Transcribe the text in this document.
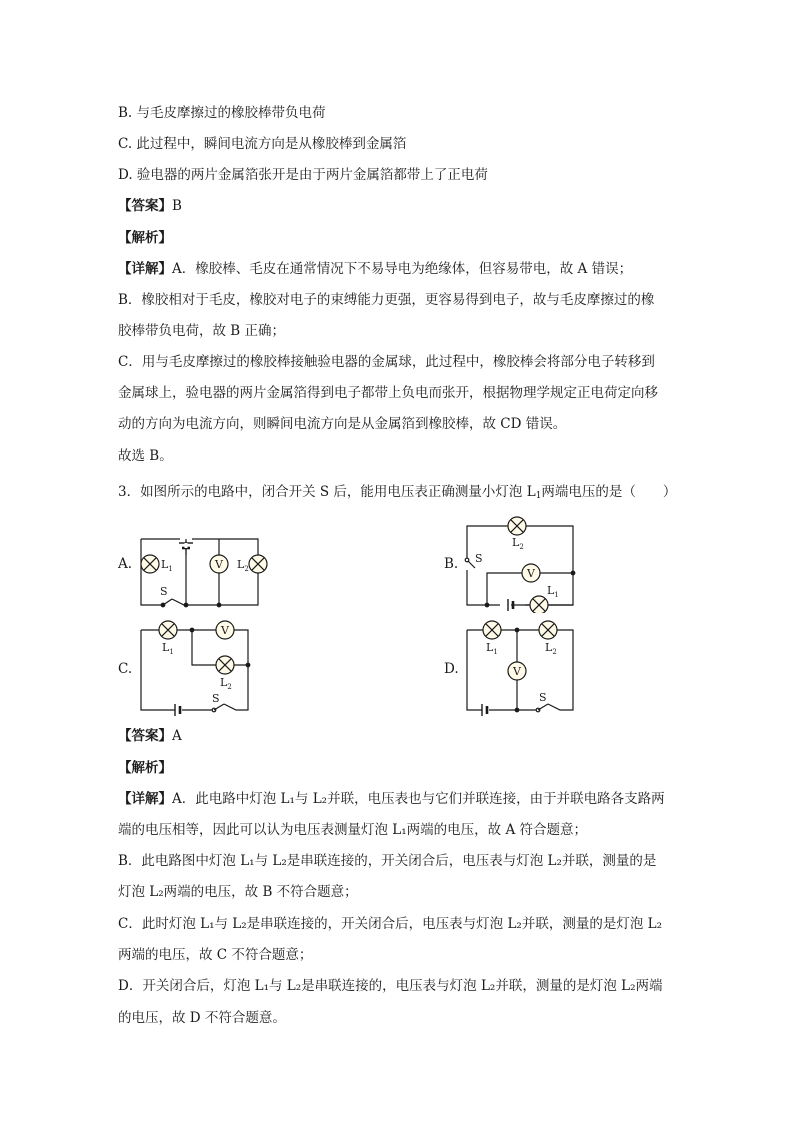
B. 与毛皮摩擦过的橡胶棒带负电荷
C. 此过程中，瞬间电流方向是从橡胶棒到金属箔
D. 验电器的两片金属箔张开是由于两片金属箔都带上了正电荷
【答案】B
【解析】
【详解】A．橡胶棒、毛皮在通常情况下不易导电为绝缘体，但容易带电，故 A 错误；
B．橡胶相对于毛皮，橡胶对电子的束缚能力更强，更容易得到电子，故与毛皮摩擦过的橡
胶棒带负电荷，故 B 正确；
C．用与毛皮摩擦过的橡胶棒接触验电器的金属球，此过程中，橡胶棒会将部分电子转移到
金属球上，验电器的两片金属箔得到电子都带上负电而张开，根据物理学规定正电荷定向移
动的方向为电流方向，则瞬间电流方向是从金属箔到橡胶棒，故 CD 错误。
故选 B。
3．如图所示的电路中，闭合开关 S 后，能用电压表正确测量小灯泡 $L_1$两端电压的是（　　）
A.	B.
C.	D.
$L_1$	V $L_2$
S
$L_2$
S
V
$L_1$
$L_1$
V
$L_2$
S
$L_1$	$L_2$
V
S
【答案】A
【解析】
【详解】A．此电路中灯泡 L₁与 L₂并联，电压表也与它们并联连接，由于并联电路各支路两
端的电压相等，因此可以认为电压表测量灯泡 L₁两端的电压，故 A 符合题意；
B．此电路图中灯泡 L₁与 L₂是串联连接的，开关闭合后，电压表与灯泡 L₂并联，测量的是
灯泡 L₂两端的电压，故 B 不符合题意；
C．此时灯泡 L₁与 L₂是串联连接的，开关闭合后，电压表与灯泡 L₂并联，测量的是灯泡 L₂
两端的电压，故 C 不符合题意；
D．开关闭合后，灯泡 L₁与 L₂是串联连接的，电压表与灯泡 L₂并联，测量的是灯泡 L₂两端
的电压，故 D 不符合题意。
